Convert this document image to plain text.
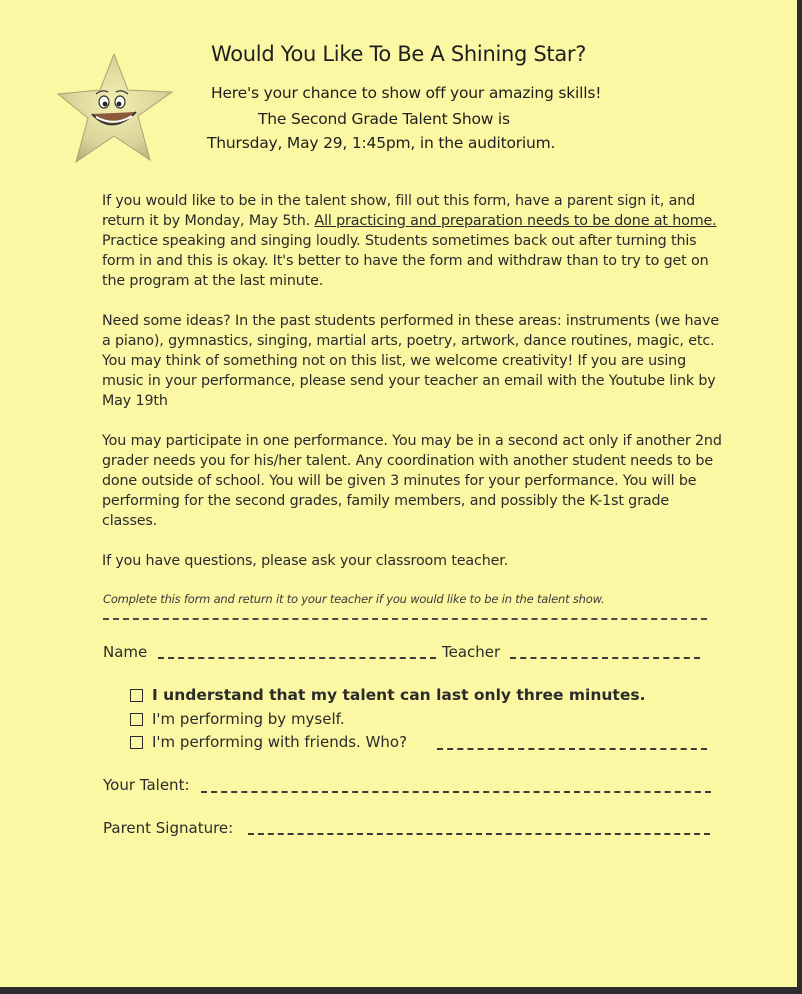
Would You Like To Be A Shining Star?
Here's your chance to show off your amazing skills!
The Second Grade Talent Show is
Thursday, May 29, 1:45pm, in the auditorium.
If you would like to be in the talent show, fill out this form, have a parent sign it, and return it by Monday, May 5th. All practicing and preparation needs to be done at home. Practice speaking and singing loudly. Students sometimes back out after turning this form in and this is okay. It's better to have the form and withdraw than to try to get on the program at the last minute.
Need some ideas? In the past students performed in these areas: instruments (we have a piano), gymnastics, singing, martial arts, poetry, artwork, dance routines, magic, etc. You may think of something not on this list, we welcome creativity! If you are using music in your performance, please send your teacher an email with the Youtube link by May 19th
You may participate in one performance. You may be in a second act only if another 2nd grader needs you for his/her talent. Any coordination with another student needs to be done outside of school. You will be given 3 minutes for your performance. You will be performing for the second grades, family members, and possibly the K-1st grade classes.
If you have questions, please ask your classroom teacher.
Complete this form and return it to your teacher if you would like to be in the talent show.
Name	Teacher
I understand that my talent can last only three minutes.
I'm performing by myself.
I'm performing with friends. Who?
Your Talent:
Parent Signature:
